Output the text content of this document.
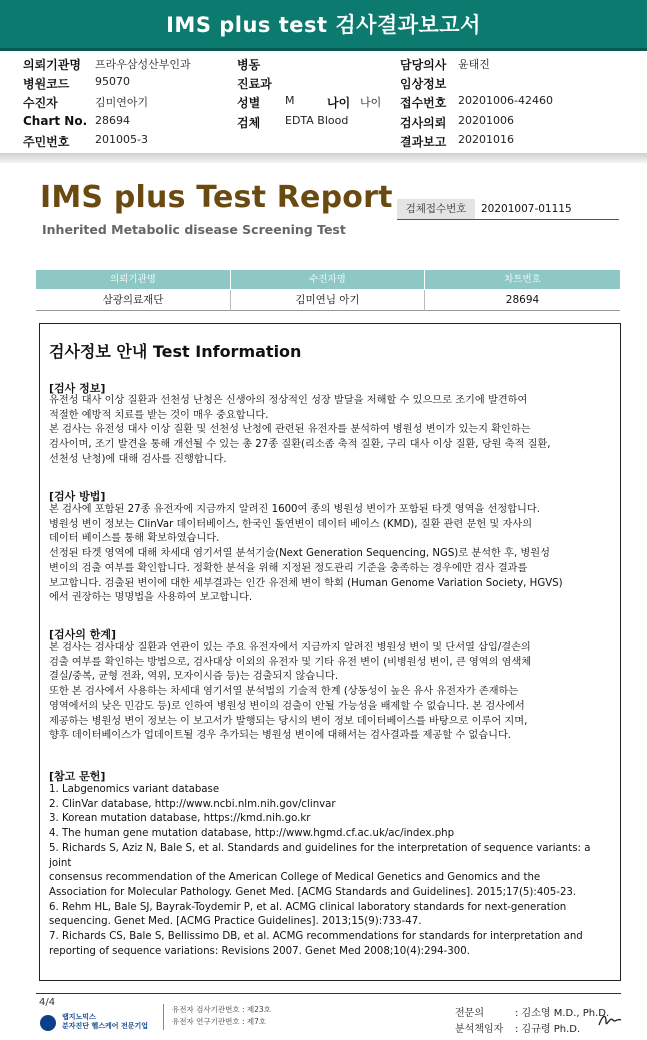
IMS plus test 검사결과보고서
의뢰기관명 프라우삼성산부인과	병동	담당의사 윤태진
병원코드 95070	진료과	임상정보
수진자	김미연아기	성별 M	나이 나이 접수번호 20201006-42460
Chart No. 28694	검체 EDTA Blood	검사의뢰 20201006
주민번호 201005-3	결과보고 20201016
IMS plus Test Report
Inherited Metabolic disease Screening Test
검체접수번호	20201007-01115
의뢰기관명	수진자명	차트번호
삼광의료재단	김미연님 아기	28694
검사정보 안내 Test Information
[검사 정보]
유전성 대사 이상 질환과 선천성 난청은 신생아의 정상적인 성장 발달을 저해할 수 있으므로 조기에 발견하여
적절한 예방적 치료를 받는 것이 매우 중요합니다.
본 검사는 유전성 대사 이상 질환 및 선천성 난청에 관련된 유전자를 분석하여 병원성 변이가 있는지 확인하는
검사이며, 조기 발견을 통해 개선될 수 있는 총 27종 질환(리소좀 축적 질환, 구리 대사 이상 질환, 당원 축적 질환,
선천성 난청)에 대해 검사를 진행합니다.
[검사 방법]
본 검사에 포함된 27종 유전자에 지금까지 알려진 1600여 종의 병원성 변이가 포함된 타겟 영역을 선정합니다.
병원성 변이 정보는 ClinVar 데이터베이스, 한국인 돌연변이 데이터 베이스 (KMD), 질환 관련 문헌 및 자사의
데이터 베이스를 통해 확보하였습니다.
선정된 타겟 영역에 대해 차세대 염기서열 분석기술(Next Generation Sequencing, NGS)로 분석한 후, 병원성
변이의 검출 여부를 확인합니다. 정확한 분석을 위해 지정된 정도관리 기준을 충족하는 경우에만 검사 결과를
보고합니다. 검출된 변이에 대한 세부결과는 인간 유전체 변이 학회 (Human Genome Variation Society, HGVS)
에서 권장하는 명명법을 사용하여 보고합니다.
[검사의 한계]
본 검사는 검사대상 질환과 연관이 있는 주요 유전자에서 지금까지 알려진 병원성 변이 및 단서열 삽입/결손의
검출 여부를 확인하는 방법으로, 검사대상 이외의 유전자 및 기타 유전 변이 (비병원성 변이, 큰 영역의 염색체
결실/중복, 균형 전좌, 역위, 모자이시즘 등)는 검출되지 않습니다.
또한 본 검사에서 사용하는 차세대 염기서열 분석법의 기술적 한계 (상동성이 높은 유사 유전자가 존재하는
영역에서의 낮은 민감도 등)로 인하여 병원성 변이의 검출이 안될 가능성을 배제할 수 없습니다. 본 검사에서
제공하는 병원성 변이 정보는 이 보고서가 발행되는 당시의 변이 정보 데이터베이스를 바탕으로 이루어 지며,
향후 데이터베이스가 업데이트될 경우 추가되는 병원성 변이에 대해서는 검사결과를 제공할 수 없습니다.
[참고 문헌]
1. Labgenomics variant database
2. ClinVar database, http://www.ncbi.nlm.nih.gov/clinvar
3. Korean mutation database, https://kmd.nih.go.kr
4. The human gene mutation database, http://www.hgmd.cf.ac.uk/ac/index.php
5. Richards S, Aziz N, Bale S, et al. Standards and guidelines for the interpretation of sequence variants: a joint
consensus recommendation of the American College of Medical Genetics and Genomics and the
Association for Molecular Pathology. Genet Med. [ACMG Standards and Guidelines]. 2015;17(5):405-23.
6. Rehm HL, Bale SJ, Bayrak-Toydemir P, et al. ACMG clinical laboratory standards for next-generation
sequencing. Genet Med. [ACMG Practice Guidelines]. 2013;15(9):733-47.
7. Richards CS, Bale S, Bellissimo DB, et al. ACMG recommendations for standards for interpretation and
reporting of sequence variations: Revisions 2007. Genet Med 2008;10(4):294-300.
4/4
랩지노믹스
분자진단 헬스케어 전문기업
유전자 검사기관번호 : 제23호
유전자 연구기관번호 : 제7호
전문의	: 김소영 M.D., Ph.D.
분석책임자 : 김규령 Ph.D.
